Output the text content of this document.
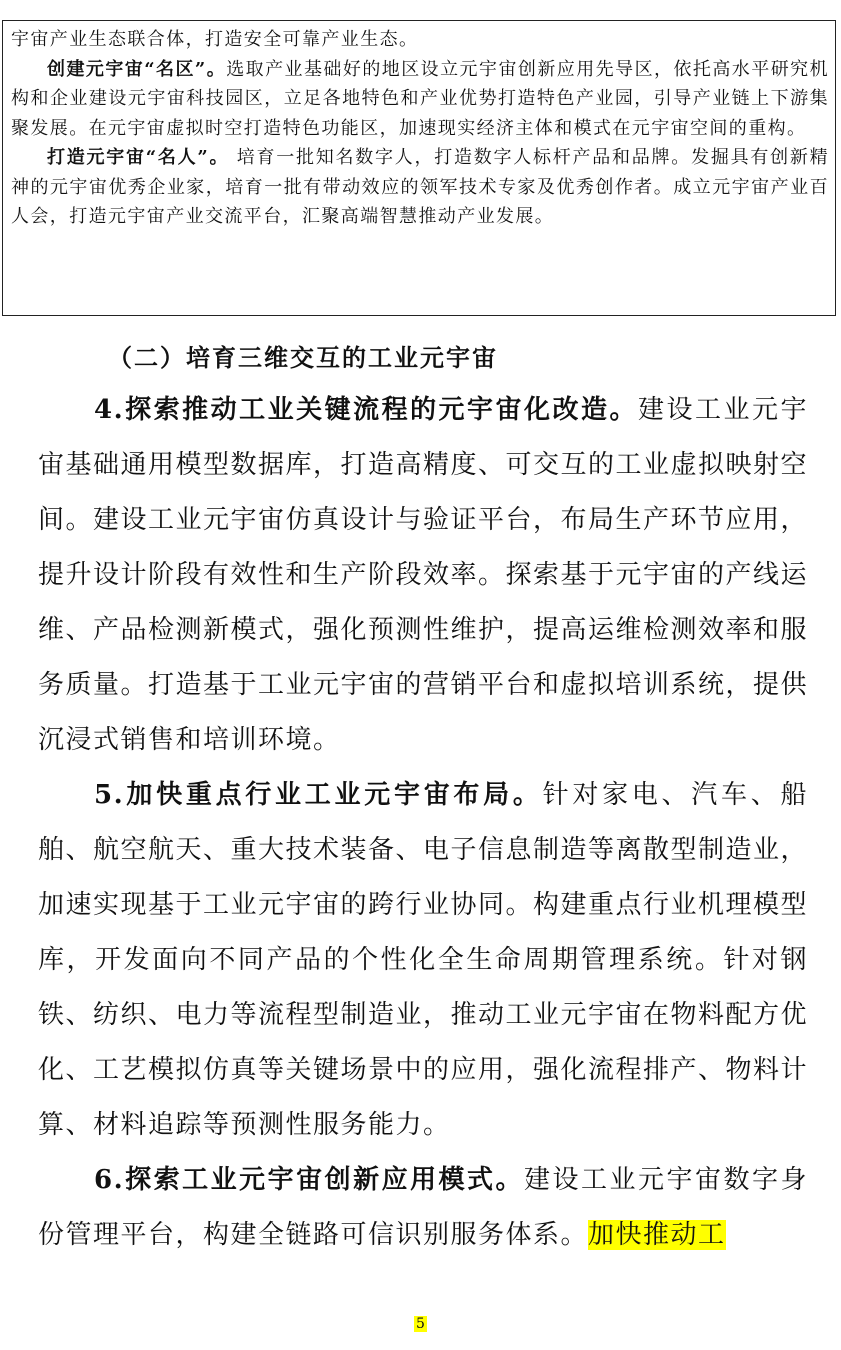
宇宙产业生态联合体，打造安全可靠产业生态。

创建元宇宙“名区”。选取产业基础好的地区设立元宇宙创新应用先导区，依托高水平研究机构和企业建设元宇宙科技园区，立足各地特色和产业优势打造特色产业园，引导产业链上下游集聚发展。在元宇宙虚拟时空打造特色功能区，加速现实经济主体和模式在元宇宙空间的重构。

打造元宇宙“名人”。 培育一批知名数字人，打造数字人标杆产品和品牌。发掘具有创新精神的元宇宙优秀企业家，培育一批有带动效应的领军技术专家及优秀创作者。成立元宇宙产业百人会，打造元宇宙产业交流平台，汇聚高端智慧推动产业发展。

（二）培育三维交互的工业元宇宙

4.探索推动工业关键流程的元宇宙化改造。建设工业元宇宙基础通用模型数据库，打造高精度、可交互的工业虚拟映射空间。建设工业元宇宙仿真设计与验证平台，布局生产环节应用，提升设计阶段有效性和生产阶段效率。探索基于元宇宙的产线运维、产品检测新模式，强化预测性维护，提高运维检测效率和服务质量。打造基于工业元宇宙的营销平台和虚拟培训系统，提供沉浸式销售和培训环境。

5.加快重点行业工业元宇宙布局。针对家电、汽车、船舶、航空航天、重大技术装备、电子信息制造等离散型制造业，加速实现基于工业元宇宙的跨行业协同。构建重点行业机理模型库，开发面向不同产品的个性化全生命周期管理系统。针对钢铁、纺织、电力等流程型制造业，推动工业元宇宙在物料配方优化、工艺模拟仿真等关键场景中的应用，强化流程排产、物料计算、材料追踪等预测性服务能力。

6.探索工业元宇宙创新应用模式。建设工业元宇宙数字身份管理平台，构建全链路可信识别服务体系。加快推动工

5
